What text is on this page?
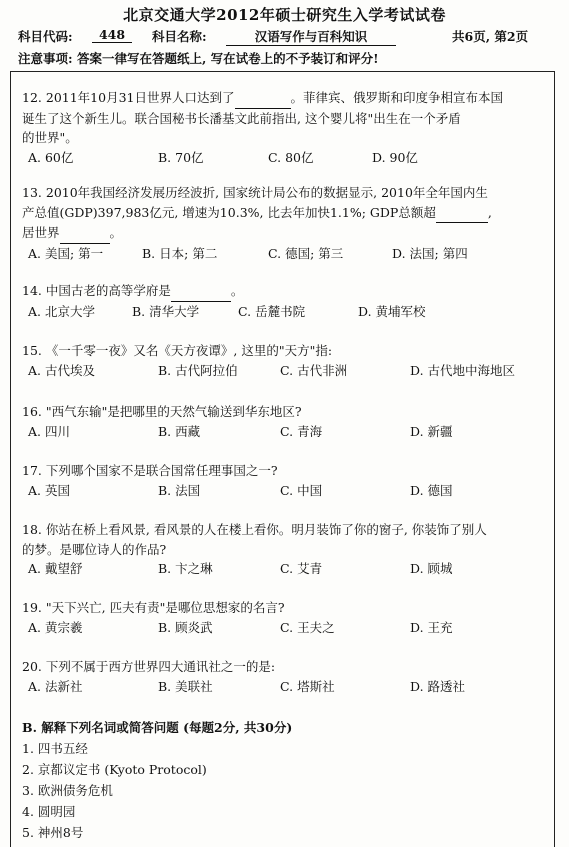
北京交通大学2012年硕士研究生入学考试试卷
科目代码:	448	科目名称:	汉语写作与百科知识	共6页, 第2页
注意事项: 答案一律写在答题纸上, 写在试卷上的不予装订和评分!
12. 2011年10月31日世界人口达到了	。菲律宾、俄罗斯和印度争相宣布本国
诞生了这个新生儿。联合国秘书长潘基文此前指出, 这个婴儿将"出生在一个矛盾
的世界"。
A. 60亿	B. 70亿	C. 80亿	D. 90亿
13. 2010年我国经济发展历经波折, 国家统计局公布的数据显示, 2010年全年国内生
产总值(GDP)397,983亿元, 增速为10.3%, 比去年加快1.1%; GDP总额超	,
居世界	。
A. 美国; 第一	B. 日本; 第二	C. 德国; 第三	D. 法国; 第四
14. 中国古老的高等学府是	。
A. 北京大学	B. 清华大学	C. 岳麓书院	D. 黄埔军校
15. 《一千零一夜》又名《天方夜谭》, 这里的"天方"指:
A. 古代埃及	B. 古代阿拉伯	C. 古代非洲	D. 古代地中海地区
16. "西气东输"是把哪里的天然气输送到华东地区?
A. 四川	B. 西藏	C. 青海	D. 新疆
17. 下列哪个国家不是联合国常任理事国之一?
A. 英国	B. 法国	C. 中国	D. 德国
18. 你站在桥上看风景, 看风景的人在楼上看你。明月装饰了你的窗子, 你装饰了别人
的梦。是哪位诗人的作品?
A. 戴望舒	B. 卞之琳	C. 艾青	D. 顾城
19. "天下兴亡, 匹夫有责"是哪位思想家的名言?
A. 黄宗羲	B. 顾炎武	C. 王夫之	D. 王充
20. 下列不属于西方世界四大通讯社之一的是:
A. 法新社	B. 美联社	C. 塔斯社	D. 路透社
B. 解释下列名词或简答问题 (每题2分, 共30分)
1. 四书五经
2. 京都议定书 (Kyoto Protocol)
3. 欧洲债务危机
4. 圆明园
5. 神州8号
